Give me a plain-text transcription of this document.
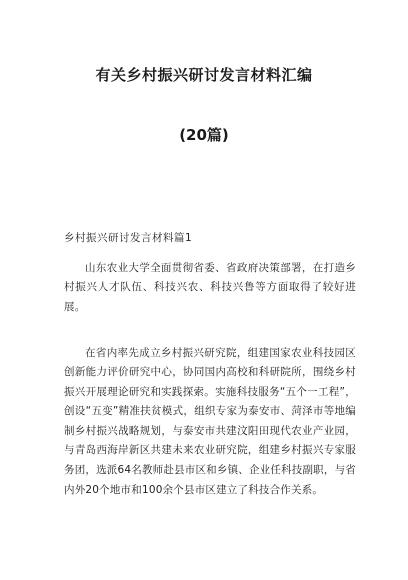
有关乡村振兴研讨发言材料汇编
(20篇)
乡村振兴研讨发言材料篇1

山东农业大学全面贯彻省委、省政府决策部署，在打造乡村振兴人才队伍、科技兴农、科技兴鲁等方面取得了较好进展。

在省内率先成立乡村振兴研究院，组建国家农业科技园区创新能力评价研究中心，协同国内高校和科研院所，围绕乡村振兴开展理论研究和实践探索。实施科技服务“五个一工程”，创设“五变”精准扶贫模式，组织专家为泰安市、菏泽市等地编制乡村振兴战略规划，与泰安市共建汶阳田现代农业产业园，与青岛西海岸新区共建未来农业研究院，组建乡村振兴专家服务团，选派64名教师赴县市区和乡镇、企业任科技副职，与省内外20个地市和100余个县市区建立了科技合作关系。
